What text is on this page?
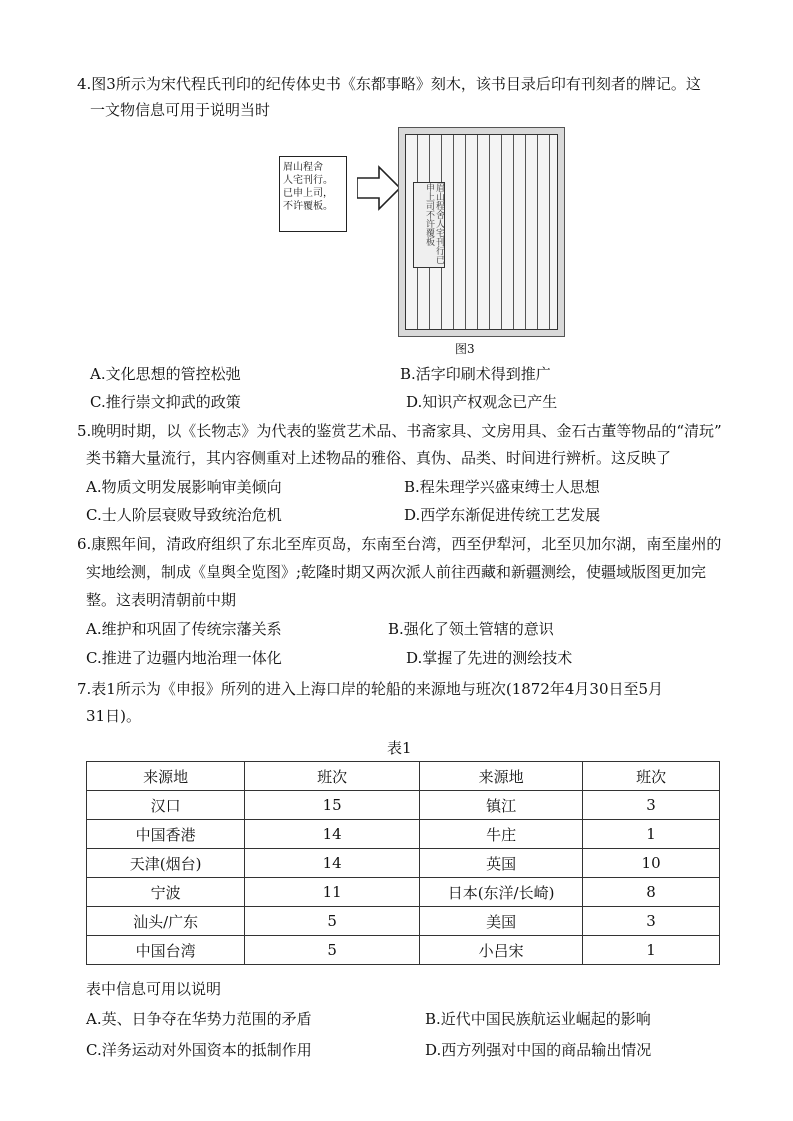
4.图3所示为宋代程氏刊印的纪传体史书《东都事略》刻木，该书目录后印有刊刻者的牌记。这
一文物信息可用于说明当时
眉山程舍
人宅刊行。
已申上司，
不许覆板。	眉山程舍人宅刊行已申上司不许覆板
图3
A.文化思想的管控松弛	B.活字印刷术得到推广
C.推行崇文抑武的政策	D.知识产权观念已产生
5.晚明时期，以《长物志》为代表的鉴赏艺术品、书斋家具、文房用具、金石古董等物品的“清玩”
类书籍大量流行，其内容侧重对上述物品的雅俗、真伪、品类、时间进行辨析。这反映了
A.物质文明发展影响审美倾向	B.程朱理学兴盛束缚士人思想
C.士人阶层衰败导致统治危机	D.西学东渐促进传统工艺发展
6.康熙年间，清政府组织了东北至库页岛，东南至台湾，西至伊犁河，北至贝加尔湖，南至崖州的
实地绘测，制成《皇舆全览图》;乾隆时期又两次派人前往西藏和新疆测绘，使疆域版图更加完
整。这表明清朝前中期
A.维护和巩固了传统宗藩关系	B.强化了领土管辖的意识
C.推进了边疆内地治理一体化	D.掌握了先进的测绘技术
7.表1所示为《申报》所列的进入上海口岸的轮船的来源地与班次(1872年4月30日至5月
31日)。
表1
来源地	班次	来源地	班次
汉口	15	镇江	3
中国香港	14	牛庄	1
天津(烟台)	14	英国	10
宁波	11	日本(东洋/长崎)	8
汕头/广东	5	美国	3
中国台湾	5	小吕宋	1
表中信息可用以说明
A.英、日争夺在华势力范围的矛盾	B.近代中国民族航运业崛起的影响
C.洋务运动对外国资本的抵制作用	D.西方列强对中国的商品输出情况
